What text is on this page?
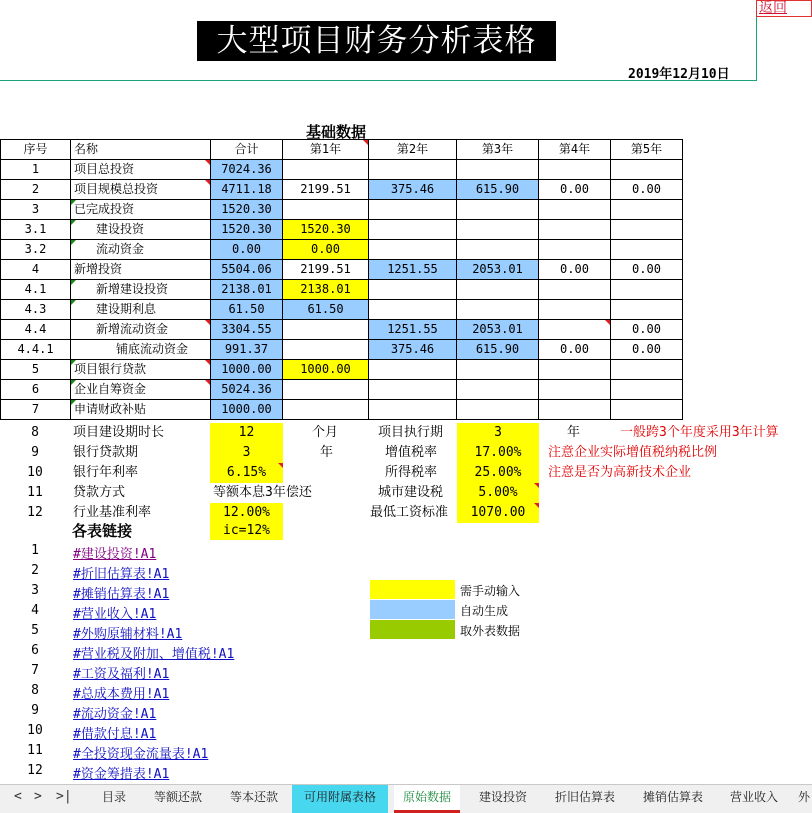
大型项目财务分析表格
2019年12月10日
返回
基础数据
序号	名称	合计	第1年	第2年	第3年	第4年	第5年
1	项目总投资	7024.36					
2	项目规模总投资	4711.18	2199.51	375.46	615.90	0.00	0.00
3	已完成投资	1520.30					
3.1	建设投资	1520.30	1520.30				
3.2	流动资金	0.00	0.00				
4	新增投资	5504.06	2199.51	1251.55	2053.01	0.00	0.00
4.1	新增建设投资	2138.01	2138.01				
4.3	建设期利息	61.50	61.50				
4.4	新增流动资金	3304.55		1251.55	2053.01		0.00
4.4.1	铺底流动资金	991.37		375.46	615.90	0.00	0.00
5	项目银行贷款	1000.00	1000.00				
6	企业自筹资金	5024.36					
7	申请财政补贴	1000.00					
8	项目建设期时长	12	个月	项目执行期	3	年	一般跨3个年度采用3年计算
9	银行贷款期	3	年	增值税率	17.00%	注意企业实际增值税纳税比例
10	银行年利率	6.15%	所得税率	25.00%	注意是否为高新技术企业
11	贷款方式	等额本息3年偿还	城市建设税	5.00%
12	行业基准利率	12.00%	最低工资标准	1070.00
ic=12%
各表链接
1	#建设投资!A1
2	#折旧估算表!A1
3	#摊销估算表!A1
4	#营业收入!A1
5	#外购原辅材料!A1
6	#营业税及附加、增值税!A1
7	#工资及福利!A1
8	#总成本费用!A1
9	#流动资金!A1
10	#借款付息!A1
11	#全投资现金流量表!A1
12	#资金筹措表!A1
需手动输入
自动生成
取外表数据
< > >|	目录	等额还款	等本还款	可用附属表格	原始数据	建设投资	折旧估算表	摊销估算表	营业收入	外
